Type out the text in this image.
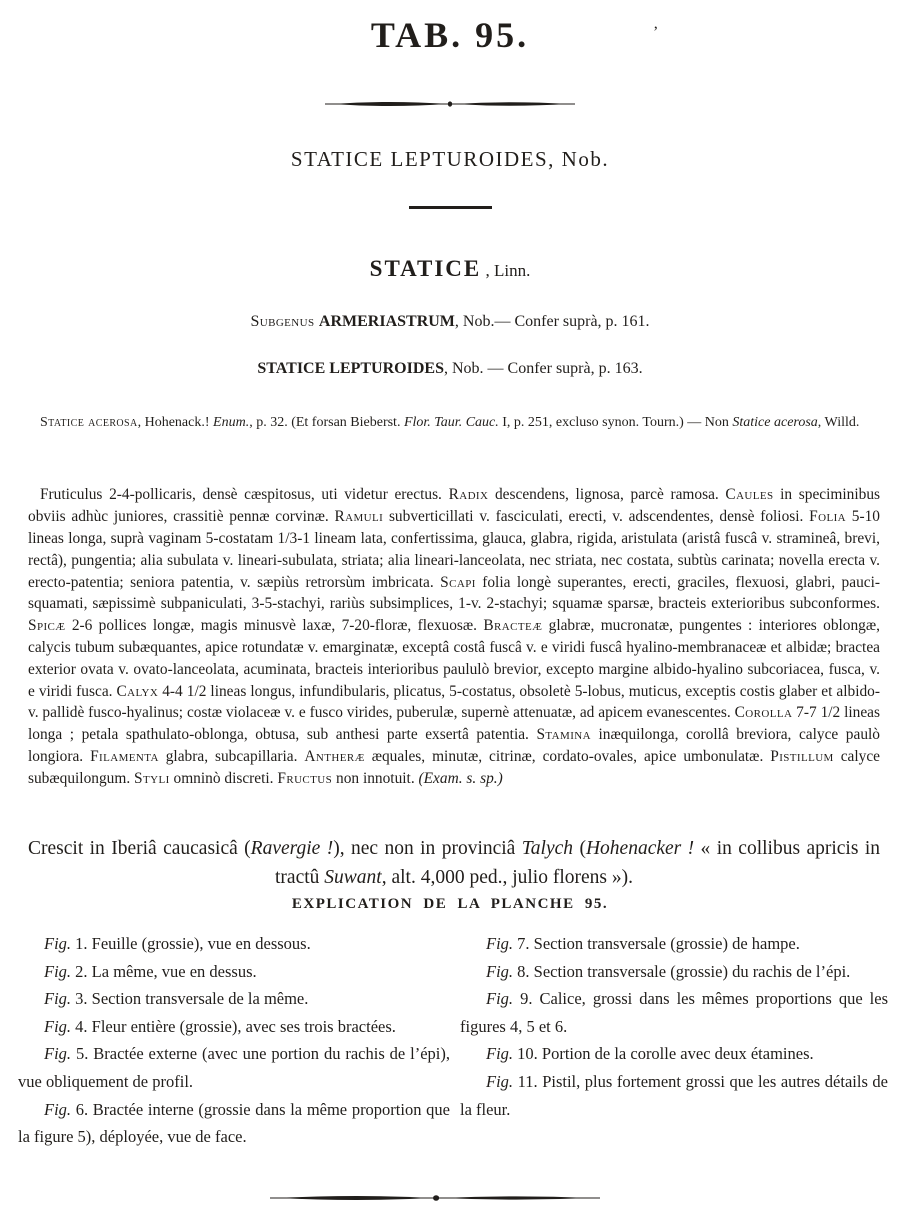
TAB. 95.	’
STATICE LEPTUROIDES, Nob.
STATICE , Linn.
Subgenus ARMERIASTRUM, Nob.— Confer suprà, p. 161.
STATICE LEPTUROIDES, Nob. — Confer suprà, p. 163.

Statice acerosa, Hohenack.! Enum., p. 32. (Et forsan Bieberst. Flor. Taur. Cauc. I, p. 251, excluso synon. Tourn.) — Non Statice acerosa, Willd.

Fruticulus 2-4-pollicaris, densè cæspitosus, uti videtur erectus. Radix descendens, lignosa, parcè ramosa. Caules in speciminibus obviis adhùc juniores, crassitiè pennæ corvinæ. Ramuli subverticillati v. fasciculati, erecti, v. adscendentes, densè foliosi. Folia 5-10 lineas longa, suprà vaginam 5-costatam 1/3-1 lineam lata, confertissima, glauca, glabra, rigida, aristulata (aristâ fuscâ v. stramineâ, brevi, rectâ), pungentia; alia subulata v. lineari-subulata, striata; alia lineari-lanceolata, nec striata, nec costata, subtùs carinata; novella erecta v. erecto-patentia; seniora patentia, v. sæpiùs retrorsùm imbricata. Scapi folia longè superantes, erecti, graciles, flexuosi, glabri, pauci-squamati, sæpissimè subpaniculati, 3-5-stachyi, rariùs subsimplices, 1-v. 2-stachyi; squamæ sparsæ, bracteis exterioribus subconformes. Spicæ 2-6 pollices longæ, magis minusvè laxæ, 7-20-floræ, flexuosæ. Bracteæ glabræ, mucronatæ, pungentes : interiores oblongæ, calycis tubum subæquantes, apice rotundatæ v. emarginatæ, exceptâ costâ fuscâ v. e viridi fuscâ hyalino-membranaceæ et albidæ; bractea exterior ovata v. ovato-lanceolata, acuminata, bracteis interioribus paululò brevior, excepto margine albido-hyalino subcoriacea, fusca, v. e viridi fusca. Calyx 4-4 1/2 lineas longus, infundibularis, plicatus, 5-costatus, obsoletè 5-lobus, muticus, exceptis costis glaber et albido-v. pallidè fusco-hyalinus; costæ violaceæ v. e fusco virides, puberulæ, supernè attenuatæ, ad apicem evanescentes. Corolla 7-7 1/2 lineas longa ; petala spathulato-oblonga, obtusa, sub anthesi parte exsertâ patentia. Stamina inæquilonga, corollâ breviora, calyce paulò longiora. Filamenta glabra, subcapillaria. Antheræ æquales, minutæ, citrinæ, cordato-ovales, apice umbonulatæ. Pistillum calyce subæquilongum. Styli omninò discreti. Fructus non innotuit. (Exam. s. sp.)

Crescit in Iberiâ caucasicâ (Ravergie !), nec non in provinciâ Talych (Hohenacker ! « in collibus apricis in tractû Suwant, alt. 4,000 ped., julio florens »).

EXPLICATION DE LA PLANCHE 95.
Fig. 1. Feuille (grossie), vue en dessous.
Fig. 2. La même, vue en dessus.
Fig. 3. Section transversale de la même.
Fig. 4. Fleur entière (grossie), avec ses trois bractées.
Fig. 5. Bractée externe (avec une portion du rachis de l’épi), vue obliquement de profil.
Fig. 6. Bractée interne (grossie dans la même proportion que la figure 5), déployée, vue de face.
Fig. 7. Section transversale (grossie) de hampe.
Fig. 8. Section transversale (grossie) du rachis de l’épi.
Fig. 9. Calice, grossi dans les mêmes proportions que les figures 4, 5 et 6.
Fig. 10. Portion de la corolle avec deux étamines.
Fig. 11. Pistil, plus fortement grossi que les autres détails de la fleur.
